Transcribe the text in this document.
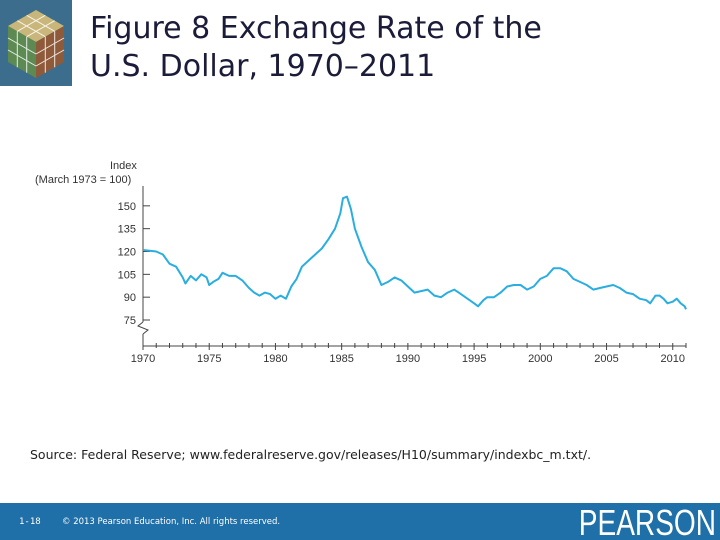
Figure 8 Exchange Rate of the
U.S. Dollar, 1970–2011
Index
(March 1973 = 100)
75
90
105
120
135
150
1970	1975	1980	1985	1990	1995	2000	2005	2010
Source: Federal Reserve; www.federalreserve.gov/releases/H10/summary/indexbc_m.txt/.
1-18	© 2013 Pearson Education, Inc. All rights reserved.	PEARSON
